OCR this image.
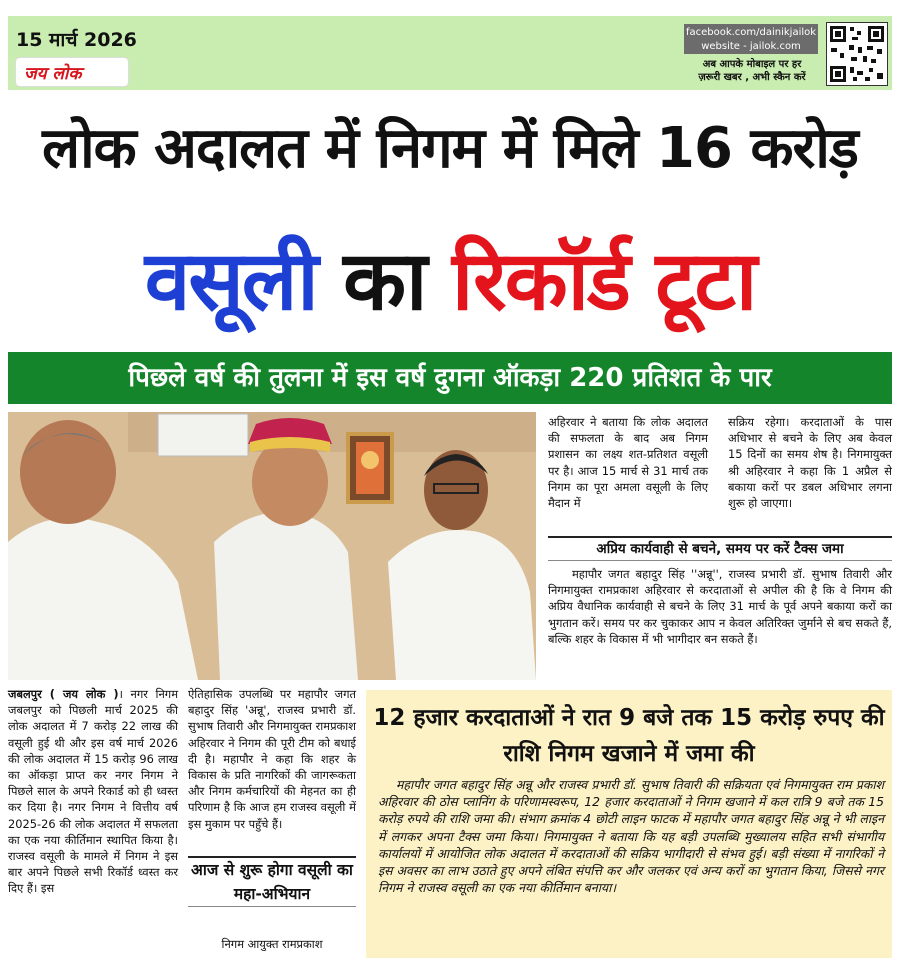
15 मार्च 2026
जय लोक
facebook.com/dainikjailok
website - jailok.com
अब आपके मोबाइल पर हर
ज़रूरी खबर , अभी स्कैन करें
लोक अदालत में निगम में मिले 16 करोड़
वसूली का रिकॉर्ड टूटा
पिछले वर्ष की तुलना में इस वर्ष दुगना ऑकड़ा 220 प्रतिशत के पार
अहिरवार ने बताया कि लोक अदालत की सफलता के बाद अब निगम प्रशासन का लक्ष्य शत-प्रतिशत वसूली पर है। आज 15 मार्च से 31 मार्च तक निगम का पूरा अमला वसूली के लिए मैदान में
सक्रिय रहेगा। करदाताओं के पास अधिभार से बचने के लिए अब केवल 15 दिनों का समय शेष है। निगमायुक्त श्री अहिरवार ने कहा कि 1 अप्रैल से बकाया करों पर डबल अधिभार लगना शुरू हो जाएगा।
अप्रिय कार्यवाही से बचने, समय पर करें टैक्स जमा
महापौर जगत बहादुर सिंह ''अन्नू'', राजस्व प्रभारी डॉ. सुभाष तिवारी और निगमायुक्त रामप्रकाश अहिरवार से करदाताओं से अपील की है कि वे निगम की अप्रिय वैधानिक कार्यवाही से बचने के लिए 31 मार्च के पूर्व अपने बकाया करों का भुगतान करें। समय पर कर चुकाकर आप न केवल अतिरिक्त जुर्माने से बच सकते हैं, बल्कि शहर के विकास में भी भागीदार बन सकते हैं।
जबलपुर ( जय लोक )। नगर निगम जबलपुर को पिछली मार्च 2025 की लोक अदालत में 7 करोड़ 22 लाख की वसूली हुई थी और इस वर्ष मार्च 2026 की लोक अदालत में 15 करोड़ 96 लाख का ऑकड़ा प्राप्त कर नगर निगम ने पिछले साल के अपने रिकार्ड को ही ध्वस्त कर दिया है। नगर निगम ने वित्तीय वर्ष 2025-26 की लोक अदालत में सफलता का एक नया कीर्तिमान स्थापित किया है। राजस्व वसूली के मामले में निगम ने इस बार अपने पिछले सभी रिकॉर्ड ध्वस्त कर दिए हैं। इस
ऐतिहासिक उपलब्धि पर महापौर जगत बहादुर सिंह 'अन्नू', राजस्व प्रभारी डॉ. सुभाष तिवारी और निगमायुक्त रामप्रकाश अहिरवार ने निगम की पूरी टीम को बधाई दी है। महापौर ने कहा कि शहर के विकास के प्रति नागरिकों की जागरूकता और निगम कर्मचारियों की मेहनत का ही परिणाम है कि आज हम राजस्व वसूली में इस मुकाम पर पहुँचे हैं।
आज से शुरू होगा वसूली का महा-अभियान
निगम आयुक्त रामप्रकाश
12 हजार करदाताओं ने रात 9 बजे तक 15 करोड़ रुपए की राशि निगम खजाने में जमा की
महापौर जगत बहादुर सिंह अन्नू और राजस्व प्रभारी डॉ. सुभाष तिवारी की सक्रियता एवं निगमायुक्त राम प्रकाश अहिरवार की ठोस प्लानिंग के परिणामस्वरूप, 12 हजार करदाताओं ने निगम खजाने में कल रात्रि 9 बजे तक 15 करोड़ रुपये की राशि जमा की। संभाग क्रमांक 4 छोटी लाइन फाटक में महापौर जगत बहादुर सिंह अन्नू ने भी लाइन में लगकर अपना टैक्स जमा किया। निगमायुक्त ने बताया कि यह बड़ी उपलब्धि मुख्यालय सहित सभी संभागीय कार्यालयों में आयोजित लोक अदालत में करदाताओं की सक्रिय भागीदारी से संभव हुई। बड़ी संख्या में नागरिकों ने इस अवसर का लाभ उठाते हुए अपने लंबित संपत्ति कर और जलकर एवं अन्य करों का भुगतान किया, जिससे नगर निगम ने राजस्व वसूली का एक नया कीर्तिमान बनाया।
